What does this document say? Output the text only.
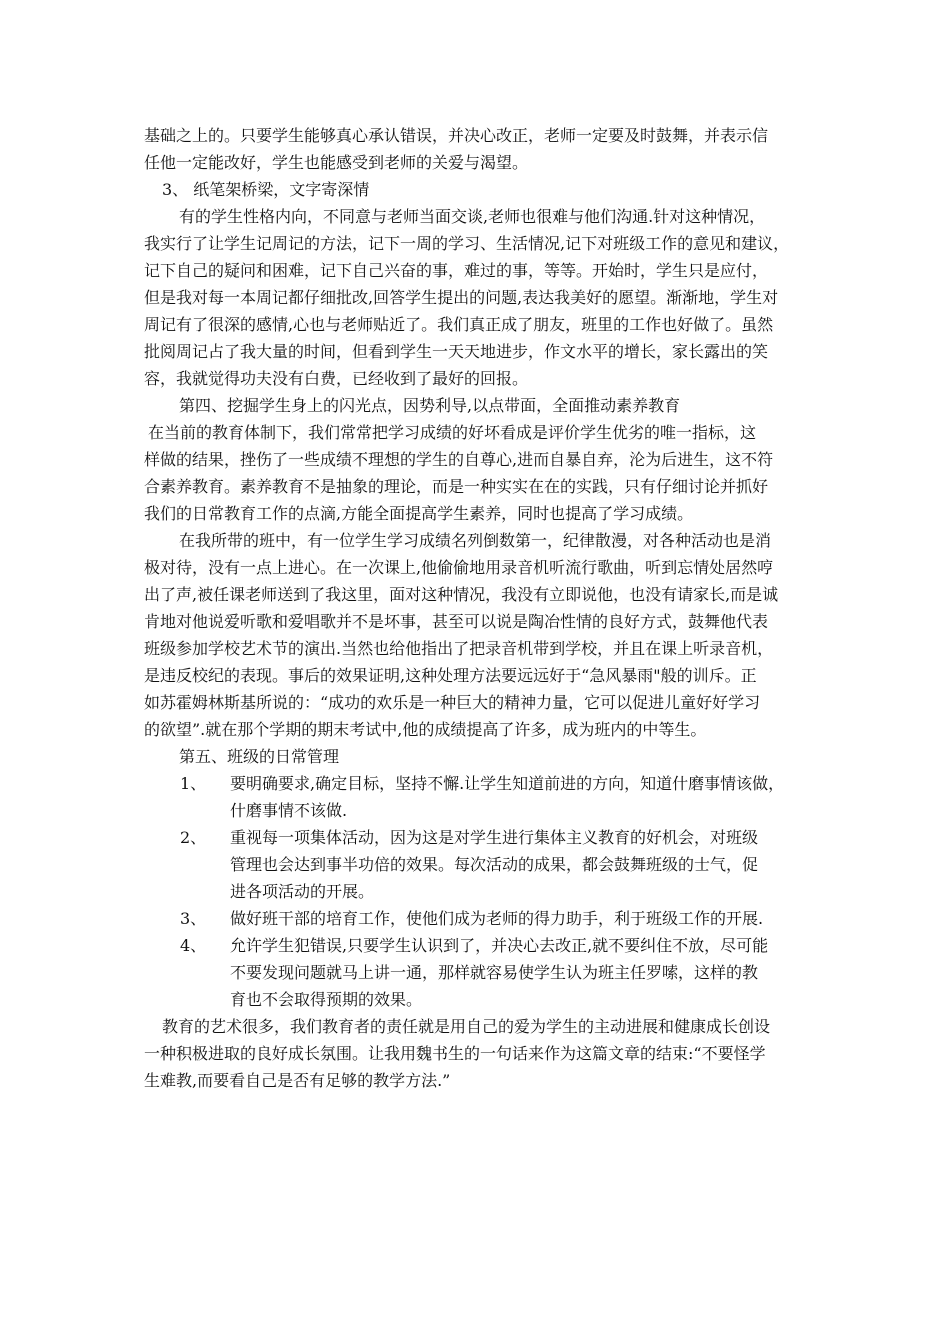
基础之上的。只要学生能够真心承认错误，并决心改正，老师一定要及时鼓舞，并表示信
任他一定能改好，学生也能感受到老师的关爱与渴望。
3、 纸笔架桥梁，文字寄深情
有的学生性格内向，不同意与老师当面交谈,老师也很难与他们沟通.针对这种情况，
我实行了让学生记周记的方法，记下一周的学习、生活情况,记下对班级工作的意见和建议，
记下自己的疑问和困难，记下自己兴奋的事，难过的事，等等。开始时，学生只是应付，
但是我对每一本周记都仔细批改,回答学生提出的问题,表达我美好的愿望。渐渐地，学生对
周记有了很深的感情,心也与老师贴近了。我们真正成了朋友，班里的工作也好做了。虽然
批阅周记占了我大量的时间，但看到学生一天天地进步，作文水平的增长，家长露出的笑
容，我就觉得功夫没有白费，已经收到了最好的回报。
第四、挖掘学生身上的闪光点，因势利导,以点带面，全面推动素养教育
在当前的教育体制下，我们常常把学习成绩的好坏看成是评价学生优劣的唯一指标，这
样做的结果，挫伤了一些成绩不理想的学生的自尊心,进而自暴自弃，沦为后进生，这不符
合素养教育。素养教育不是抽象的理论，而是一种实实在在的实践，只有仔细讨论并抓好
我们的日常教育工作的点滴,方能全面提高学生素养，同时也提高了学习成绩。
在我所带的班中，有一位学生学习成绩名列倒数第一，纪律散漫，对各种活动也是消
极对待，没有一点上进心。在一次课上,他偷偷地用录音机听流行歌曲，听到忘情处居然哼
出了声,被任课老师送到了我这里，面对这种情况，我没有立即说他，也没有请家长,而是诚
肯地对他说爱听歌和爱唱歌并不是坏事，甚至可以说是陶冶性情的良好方式，鼓舞他代表
班级参加学校艺术节的演出.当然也给他指出了把录音机带到学校，并且在课上听录音机，
是违反校纪的表现。事后的效果证明,这种处理方法要远远好于“急风暴雨"般的训斥。正
如苏霍姆林斯基所说的：“成功的欢乐是一种巨大的精神力量，它可以促进儿童好好学习
的欲望”.就在那个学期的期末考试中,他的成绩提高了许多，成为班内的中等生。
第五、班级的日常管理
1、	要明确要求,确定目标，坚持不懈.让学生知道前进的方向，知道什磨事情该做，
什磨事情不该做.
2、	重视每一项集体活动，因为这是对学生进行集体主义教育的好机会，对班级
管理也会达到事半功倍的效果。每次活动的成果，都会鼓舞班级的士气，促
进各项活动的开展。
3、	做好班干部的培育工作，使他们成为老师的得力助手，利于班级工作的开展.
4、	允许学生犯错误,只要学生认识到了，并决心去改正,就不要纠住不放，尽可能
不要发现问题就马上讲一通，那样就容易使学生认为班主任罗嗦，这样的教
育也不会取得预期的效果。
教育的艺术很多，我们教育者的责任就是用自己的爱为学生的主动进展和健康成长创设
一种积极进取的良好成长氛围。让我用魏书生的一句话来作为这篇文章的结束:“不要怪学
生难教,而要看自己是否有足够的教学方法.”
